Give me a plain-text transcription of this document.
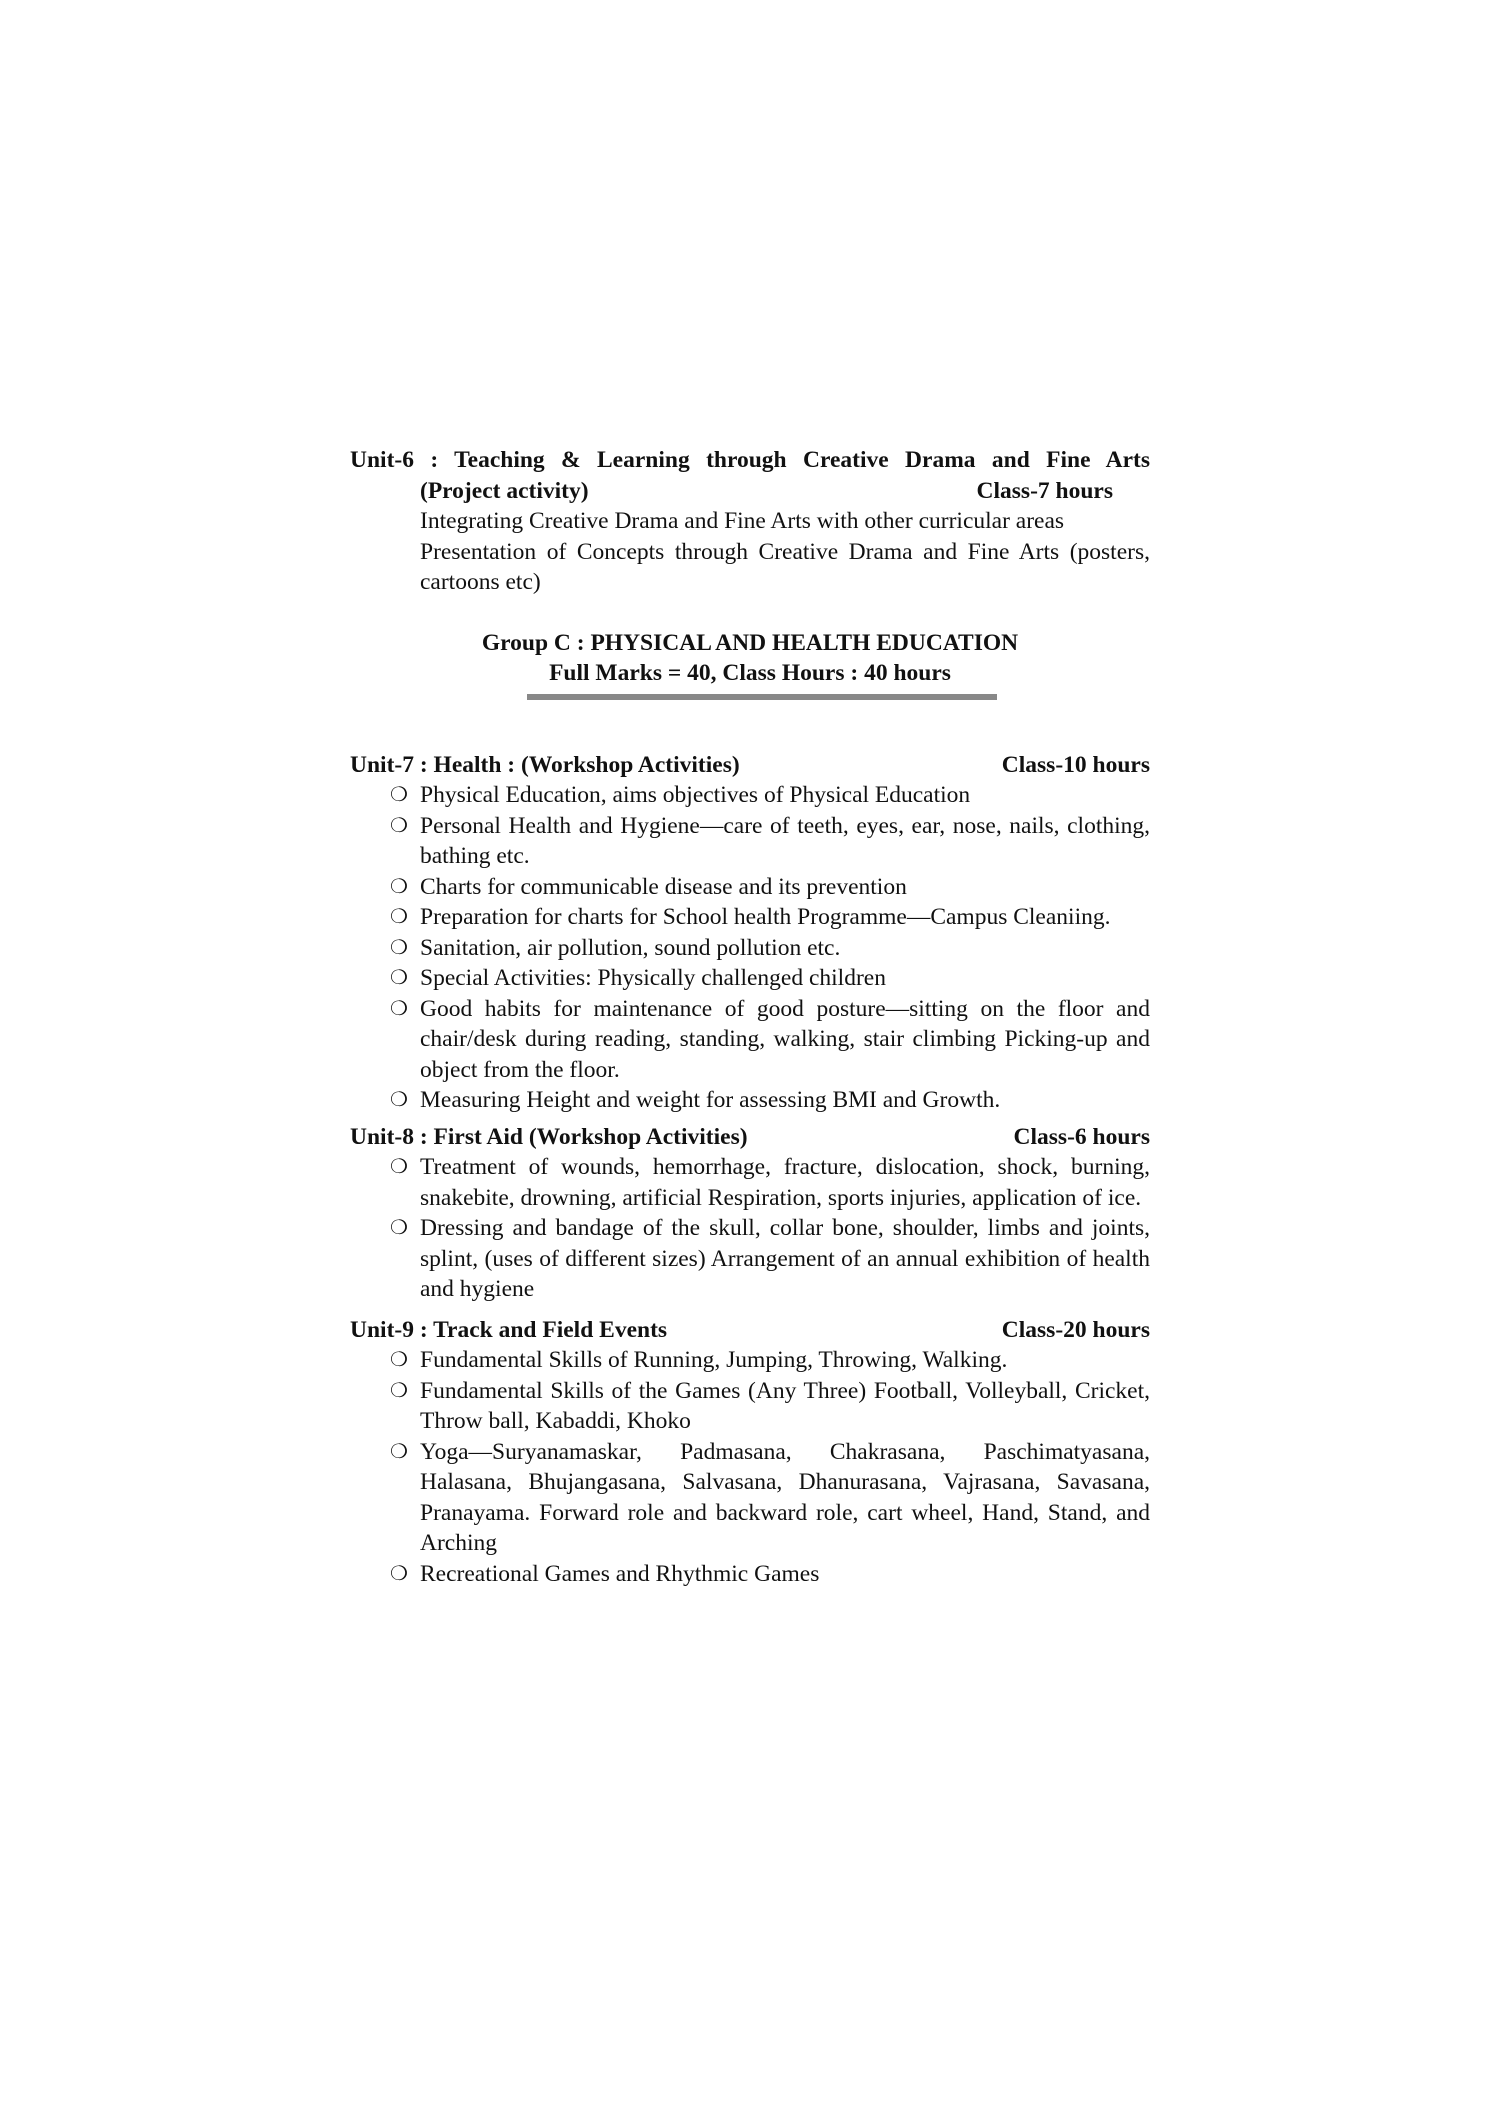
Unit-6 : Teaching & Learning through Creative Drama and Fine Arts
(Project activity)	Class-7 hours
Integrating Creative Drama and Fine Arts with other curricular areas
Presentation of Concepts through Creative Drama and Fine Arts (posters, cartoons etc)
Group C : PHYSICAL AND HEALTH EDUCATION
Full Marks = 40, Class Hours : 40 hours
Unit-7 : Health : (Workshop Activities)	Class-10 hours
❍ Physical Education, aims objectives of Physical Education
❍ Personal Health and Hygiene—care of teeth, eyes, ear, nose, nails, clothing, bathing etc.
❍ Charts for communicable disease and its prevention
❍ Preparation for charts for School health Programme—Campus Cleaniing.
❍ Sanitation, air pollution, sound pollution etc.
❍ Special Activities: Physically challenged children
❍ Good habits for maintenance of good posture—sitting on the floor and chair/desk during reading, standing, walking, stair climbing Picking-up and object from the floor.
❍ Measuring Height and weight for assessing BMI and Growth.
Unit-8 : First Aid (Workshop Activities)	Class-6 hours
❍ Treatment of wounds, hemorrhage, fracture, dislocation, shock, burning, snakebite, drowning, artificial Respiration, sports injuries, application of ice.
❍ Dressing and bandage of the skull, collar bone, shoulder, limbs and joints, splint, (uses of different sizes) Arrangement of an annual exhibition of health and hygiene
Unit-9 : Track and Field Events	Class-20 hours
❍ Fundamental Skills of Running, Jumping, Throwing, Walking.
❍ Fundamental Skills of the Games (Any Three) Football, Volleyball, Cricket, Throw ball, Kabaddi, Khoko
❍ Yoga—Suryanamaskar, Padmasana, Chakrasana, Paschimatyasana, Halasana, Bhujangasana, Salvasana, Dhanurasana, Vajrasana, Savasana, Pranayama. Forward role and backward role, cart wheel, Hand, Stand, and Arching
❍ Recreational Games and Rhythmic Games
